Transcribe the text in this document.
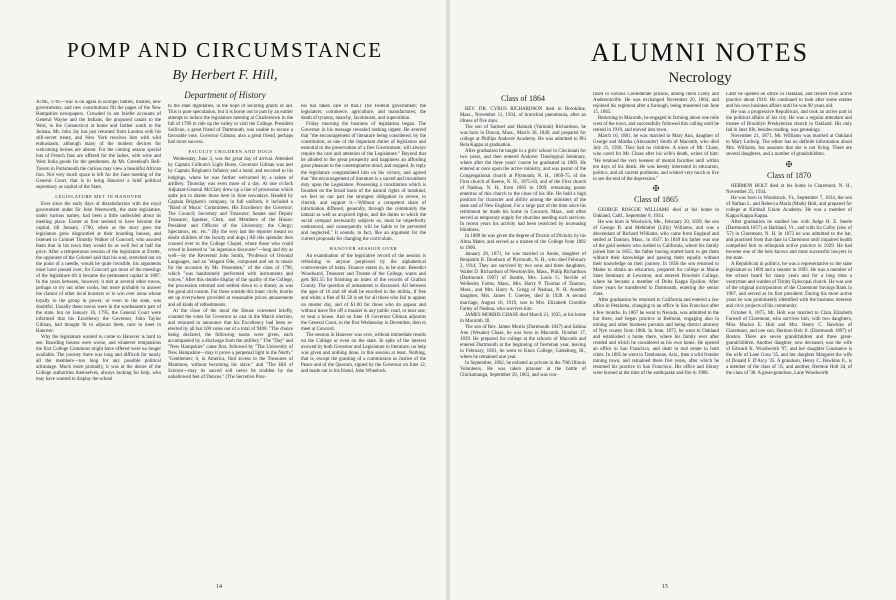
POMP AND CIRCUMSTANCE
By Herbert F. Hill,
Department of History

JUNE, 1795—war is on again in Europe; battles, treaties, new governments, and new constitutions fill the pages of the New Hampshire newspapers. Crowded in are briefer accounts of General Wayne and the Indians, the proposed canals to the West, to the Connecticut at home and farther south to the Juniata. Mr. John Jay has just returned from London with his still-secret treaty, and New York receives him with wild enthusiasm, although many of the modern devices for welcoming heroes are absent. For the coming season special lots of French fans are offered for the ladies, with wine and West India goods for the gentlemen. At Mr. Greenleaf's Bell-Tavern in Portsmouth the curious may view a beautiful African lion. Not very much space is left for the June meeting of the General Court, that is to bring Hanover a brief political supremacy as capital of the State.

LEGISLATURE MET IN HANOVER

Ever since the early days of dissatisfaction with the royal government under Sir John Wentworth, the state legislature, under various names, had been a little undecided about its meeting place. Exeter at first seemed to have become the capital, till January, 1780, when as the story goes the legislators grew disgruntled at their boarding houses, and listened to Colonel Timothy Walker of Concord, who assured them that in his town they would be as well fed at half the price. After a tempestuous session of the legislature at Exeter, the opponent of the Colonel said that his soul, stretched out on the point of a needle, would be quite invisible, his arguments must have passed over, for Concord got most of the meetings of the legislature till it became the permanent capital in 1807. In the years between, however, it met at several other towns, perhaps to try out other cooks, but more probably to answer the clamor of other local boosters or to win over areas whose loyalty to the group in power, or even to the state, was doubtful. Usually these towns were in the southeastern part of the state, but on January 16, 1795, the General Court were informed that his Excellency the Governor, John Taylor Gilman, had thought fit to adjourn them, next to meet in Hanover.

Why the legislature wanted to come to Hanover is hard to see. Boarding houses were worse, and whatever temptations the first College Commons might have offered were no longer available. The journey there was long and difficult for nearly all the members—too long for any possible political advantage. Much more probably, it was at the desire of the College authorities themselves, always looking for help, who may have wanted to display the school

to the state dignitaries, in the hope of securing grants of aid. This is pure speculation, but it is borne out in part by an earlier attempt to induce the legislature meeting at Charlestown in the fall of 1789 to ride up the valley to visit the College. President Sullivan, a great friend of Dartmouth, was unable to secure a favorable vote. Governor Gilman, also a great friend, perhaps had more success.

FACULTY CHILDREN AND DOGS

Wednesday, June 3, was the great day of arrival. Attended by Captain Colburn's Light Horse, Governor Gilman was met by Captain Brigham's Infantry and a band, and escorted to his lodgings, where he was further welcomed by a salute of artillery. Thursday was even more of a day. At one o'clock Adjutant-General McClary drew up a line of procession which quite put to shame those here in June nowadays. Headed by Captain Brigham's company, in full uniform, it included a "Band of Music: Committees; His Excellency the Governor; The Council; Secretary and Treasurer; Senate and Deputy Treasurer; Speaker, Clerk, and Members of the House; President and Officers of the University; the Clergy; Spectators, etc. etc." (By the very last the reporter meant no doubt children of the faculty and dogs.) All this splendor then crossed over to the College Chapel, where those who could crowd in listened to "an ingenious discourse"—long and dry as well—by the Reverend John Smith, "Professor of Oriental Languages, and an "elegant Ode, composed and set to music for the occasion by Mr. Fessenden," of the class of 1796, which "was handsomely performed with instruments and voices." After this double display of the quality of the College, the procession returned and settled down to a dinner, as was the good old custom. For those outside this inner circle, booths set up everywhere provided at reasonable prices amusements and all kinds of refreshments.

At the close of the meal the House convened briefly, counted the votes for Governor as cast in the March election, and returned to announce that his Excellency had been re-elected by all but 100 votes out of a total of 9400. "The choice being declared, the following toasts were given, each accompanied by a discharge from the artillery." The "Day" and "New Hampshire" came first, followed by "The University of New Hampshire—may it prove a perpetual light in the North," "Gentlemen; it, in America, find access to the Treasures of Mammon, without becoming his slave," and "The Hill of Science—may its sacred soil never be trodden by the unhallowed feet of Dunces." (The Secretive Proc-

ess has taken care of that.) The Federal government; the legislators; commerce, agriculture, and manufactures; the death of tyranny, anarchy, Jacobinism, and superstition.

Friday morning the business of legislation began. The Governor in his message revealed nothing urgent. He averred that "the encouragement of literature being considered, by the constitution, as one of the important duties of legislators and essential to the preservation of a free Government, will always require the care and attention of the Legislature." Beyond that he alluded to the great prosperity and happiness an affording great pleasure to the contemplative mind, and stopped. In reply the legislature congratulated him on his victory, and agreed that "the encouragement of literature is a sacred and incumbent duty upon the Legislature. Possessing a constitution which is founded on the broad basis of the natural rights of mankind, we feel on our part the strongest obligation to revere, to cherish, and support it.—Without a competent share of information diffused, generally, through the community the natural as well as acquired rights, and the duties to which the social compact necessarily subjects us, must be imperfectly understood, and consequently will be liable to be perverted and neglected." It sounds, in fact, like an argument for the current proposals for changing the curriculum.

HANOVER SESSION OVER

An examination of the legislative record of the session is refreshing to anyone perplexed by the alphabetical controversies of today. Finance enters in, to be sure. Benedict Woodward, Treasurer and Trustee of the College, wants and gets $81.55 for finishing an index of the records of Grafton County. The question of armaments is discussed. All between the ages of 16 and 40 shall be enrolled in the militia, if free and white; a fine of $1.50 is set for all those who fail to appear on muster day, and of $1.00 for those who do appear and without leave fire off a musket in any public road, or near one, or near a house. And on June 18 Governor Gilman adjourns the General Court, to the first Wednesday in December, then to meet at Concord.

The session in Hanover was over, without immediate results on the College or even on the state. In spite of the interest avowed by both Governor and Legislature in literature, no help was given and nothing done, in this session at least. Nothing, that is, except the granting of a commission as Justice of the Peace and of the Quorum, signed by the Governor on June 12, and made out to his friend, John Wheelock.

14
ALUMNI NOTES
Necrology
Class of 1864

REV. DR. CYRUS RICHARDSON died in Brookline, Mass., November 11, 1934, of bronchial pneumonia, after an illness of five days.

The son of Samuel and Hannah (Varnum) Richardson, he was born in Dracut, Mass., March 30, 1840, and prepared for college at Phillips Andover Academy. He was admitted to Phi Beta Kappa at graduation.

After graduation he taught in a girls' school in Cincinnati for two years, and then entered Andover Theological Seminary, where after the three years' course he graduated in 1869. He entered at once upon the active ministry, and was pastor of the Congregational church at Plymouth, N. H., 1869-75, of the First church of Keene, N. H., 1875-83, and of the First church of Nashua, N. H., from 1883 to 1909, remaining pastor emeritus of this church to the close of his life. He held a high position for character and ability among the ministers of the state and of New England. For a large part of the time since his retirement he made his home in Concord, Mass., and often served as temporary supply for churches needing such services. In recent years his activity had been restricted by increasing blindness.

In 1889 he was given the degree of Doctor of Divinity by his Alma Mater, and served as a trustee of the College from 1892 to 1906.

January 28, 1871, he was married to Annie, daughter of Benjamin B. Dearborn of Plymouth, N. H., who died February 2, 1914. They are survived by two sons and three daughters, Walter D. Richardson of Newtonville, Mass., Philip Richardson (Dartmouth 1907) of Seattle, Mrs. Louis G. Neville of Wellesley Farms, Mass., Mrs. Harry P. Thomas of Taunton, Mass., and Mrs. Harry A. Gregg of Nashua, N. H. Another daughter, Mrs. James T. Greeley, died in 1928. A second marriage, August 16, 1919, was to Mrs. Elizabeth Crombie Farley of Nashua, who survives him.

JAMES MORRIS CHASE died March 21, 1935, at his home in Macomb, Ill.

The son of Rev. James Morris (Dartmouth 1847) and Sabina Ann (Wesahe) Chase, he was born in Macomb, October 17, 1839. He prepared for college at the schools of Macomb and entered Dartmouth at the beginning of freshman year, leaving in February, 1861, he went to Knox College, Galesburg, Ill., where he remained one year.

In September, 1862, he enlisted as private in the 78th Illinois Volunteers. He was taken prisoner at the battle of Chickamauga, September 20, 1863, and was con-

fined in various Confederate prisons, among them Libby and Andersonville. He was exchanged November 20, 1864, and rejoined his regiment after a furlough, being mustered out June 15, 1865.

Returning to Macomb, he engaged in farming about one mile west of the town, and successfully followed this calling until he retired in 1910, and moved into town.

March 16, 1881, he was married to Mary Ann, daughter of George and Martha (Alexander) Smith of Macomb, who died July 21, 1930. They had no children. A niece of Mr. Chase, who cared for Mr. Chase after his wife's death, writes of him: "He retained the very keenest of mental faculties until within ten days of his death. He was keenly interested in education, politics, and all current problems, and wished very much to live to see the end of the depression."

✠
Class of 1865

GEORGE ROSCOE WILLIAMS died at his home in Oakland, Calif., September 8, 1934.

He was born in Woolwich, Me., February 20, 1839, the son of George B. and Mehitabel (Lilly) Williams, and was a descendant of Richard Williams, who came from England and settled at Taunton, Mass., in 1637. In 1849 his father was one of the gold seekers who rushed to California, where his family joined him in 1855, the father having started back to get them without their knowledge and passing them equally without their knowledge on their journey. In 1858 the son returned to Maine to obtain an education, prepared for college at Maine State Seminary at Lewiston, and entered Bowdoin College, where he became a member of Delta Kappa Epsilon. After three years he transferred to Dartmouth, entering the senior class.

After graduation he returned to California and entered a law office in Petaluma, changing to an office in San Francisco after a few months. In 1867 he went to Nevada, was admitted to the bar there, and began practice at Belmont, engaging also in mining and other business pursuits and being district attorney of Nye county from 1866. In June, 1875, he went to Oakland and established a home there, where his family ever after resided and which he considered as his own home. He opened an office in San Francisco, and dealt in real estate in both cities. In 1885 he went to Tombstone, Ariz., then a wild frontier mining town, and remained there five years, after which he resumed his practice in San Francisco. His office and library were burned at the time of the earthquake and fire in 1906.

Later he opened an office in Oakland, and retired from active practice about 1910. He continued to look after some estates and his own business affairs until he was 90 years old.

He was a progressive Republican, and took an active part in the political affairs of his city. He was a regular attendant and trustee of Brooklyn Presbyterian church in Oakland. His only fad in later life, besides reading, was genealogy.

November 21, 1871, Mr. Williams was married at Oakland to Mary Ludwig. The editor has no definite information about Mrs. Williams, but assumes that she is not living. There are several daughters, and a number of grandchildren.

✠
Class of 1870

HERMON HOLT died at his home in Claremont, N. H., November 25, 1934.

He was born in Woodstock, Vt., September 7, 1834, the son of Nathan L. and Rebecca Maria (Mark) Holt, and prepared for college at Kimball Union Academy. He was a member of Kappa Kappa Kappa.

After graduation he studied law with Judge H. E. Steele (Dartmouth 1857) at Hartland, Vt., and with Ira Colby (also of '57) in Claremont, N. H. In 1873 he was admitted to the bar, and practised from that date in Claremont until impaired health compelled him to relinquish active practice in 1929. He had become one of the best known and most successful lawyers in the state.

A Republican in politics, he was a representative to the state legislature in 1889 and a senator in 1893. He was a member of the school board for many years and for a long time a vestryman and warden of Trinity Episcopal church. He was one of the original incorporators of the Claremont Savings Bank in 1907, and served as its first president. During his more active years he was prominently identified with the business interests and civic projects of his community.

October 6, 1875, Mr. Holt was married to Clara Elizabeth Farwell of Claremont, who survives him, with two daughters, Miss Marion E. Holt and Mrs. Henry C. Hawkins of Claremont, and one son, Hermon Holt Jr. (Dartmouth 1897) of Boston. There are seven grandchildren and three great-grandchildren. Another daughter, now deceased, was the wife of Edward K. Woodworth '97, and her daughter Constance is the wife of Lane Goss '35, and her daughter Margaret the wife of Donald F. D'Arcy '35. A grandson, Henry C. Hawkins Jr., is a member of the class of '35, and another, Hermon Holt 3d, of the class of '38. A great-grandson, Lane Woodworth

15
